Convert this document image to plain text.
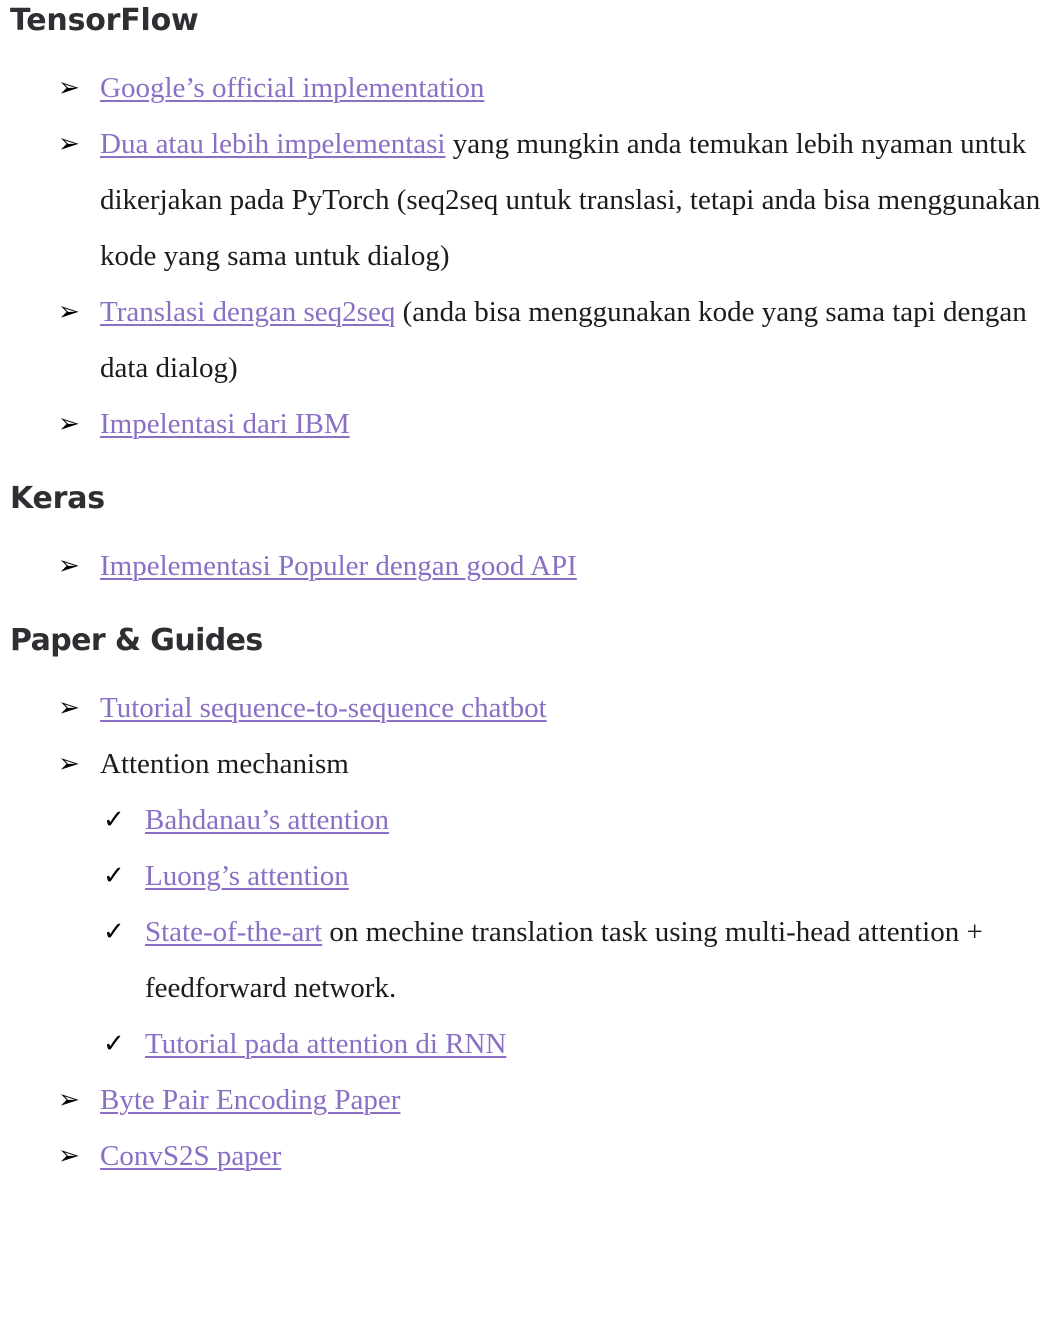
TensorFlow
➢ Google’s official implementation
➢ Dua atau lebih impelementasi yang mungkin anda temukan lebih nyaman untuk dikerjakan pada PyTorch (seq2seq untuk translasi, tetapi anda bisa menggunakan kode yang sama untuk dialog)
➢ Translasi dengan seq2seq (anda bisa menggunakan kode yang sama tapi dengan data dialog)
➢ Impelentasi dari IBM
Keras
➢ Impelementasi Populer dengan good API
Paper & Guides
➢ Tutorial sequence-to-sequence chatbot
➢ Attention mechanism
✓ Bahdanau’s attention
✓ Luong’s attention
✓ State-of-the-art on mechine translation task using multi-head attention + feedforward network.
✓ Tutorial pada attention di RNN
➢ Byte Pair Encoding Paper
➢ ConvS2S paper
